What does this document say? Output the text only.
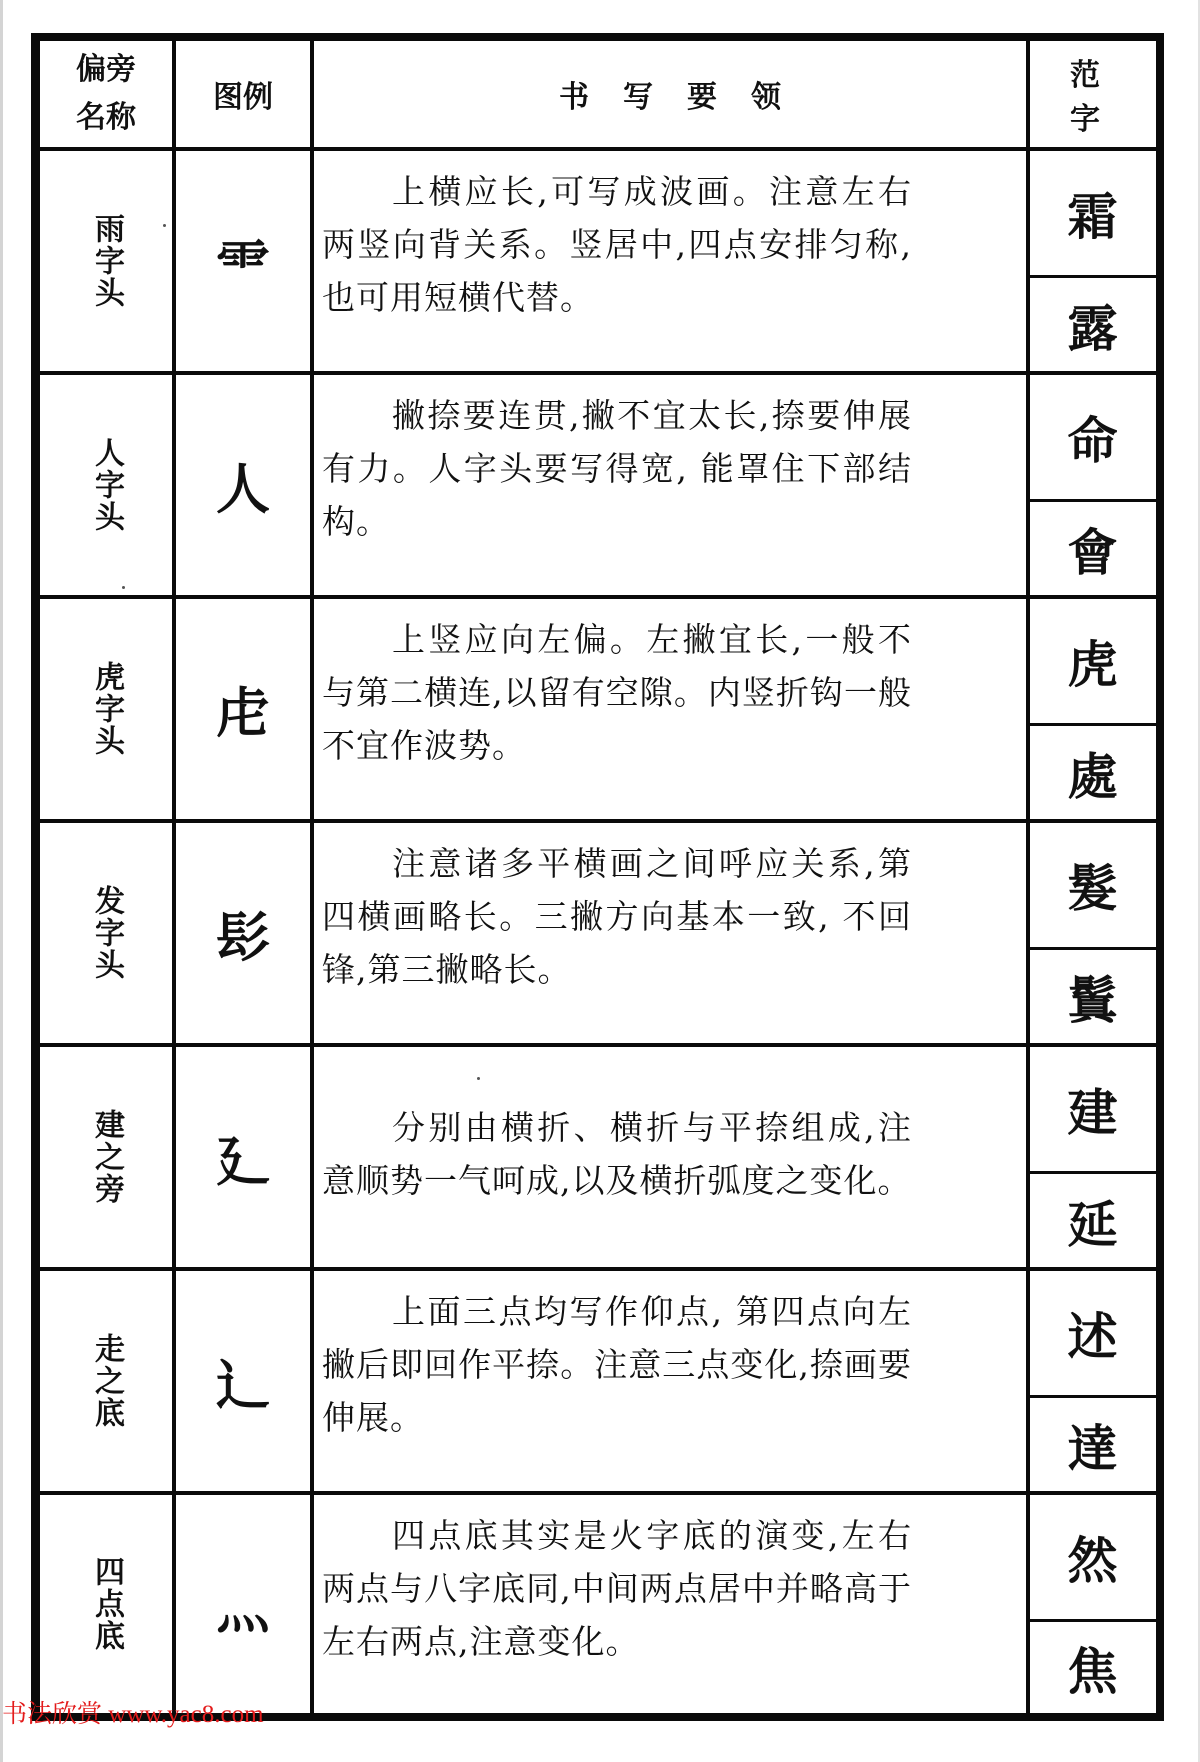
偏旁
名称
图例	书写要领
范字
雨字头 ⻗
上横应长,可写成波画。注意左右两竖向背关系。竖居中,四点安排匀称,也可用短横代替。
霜
露
人字头 人
撇捺要连贯,撇不宜太长,捺要伸展有力。人字头要写得宽, 能罩住下部结构。
命
會
虎字头 虍
上竖应向左偏。左撇宜长,一般不与第二横连,以留有空隙。内竖折钩一般不宜作波势。
虎
處
发字头 髟
注意诸多平横画之间呼应关系,第四横画略长。三撇方向基本一致, 不回锋,第三撇略长。
髮
鬒
建之旁 廴
分别由横折、横折与平捺组成,注意顺势一气呵成,以及横折弧度之变化。
建
延
走之底 辶
上面三点均写作仰点, 第四点向左撇后即回作平捺。注意三点变化,捺画要伸展。
述
達
四点底 灬
四点底其实是火字底的演变,左右两点与八字底同,中间两点居中并略高于左右两点,注意变化。
然
焦
书法欣赏 www.yac8.com
